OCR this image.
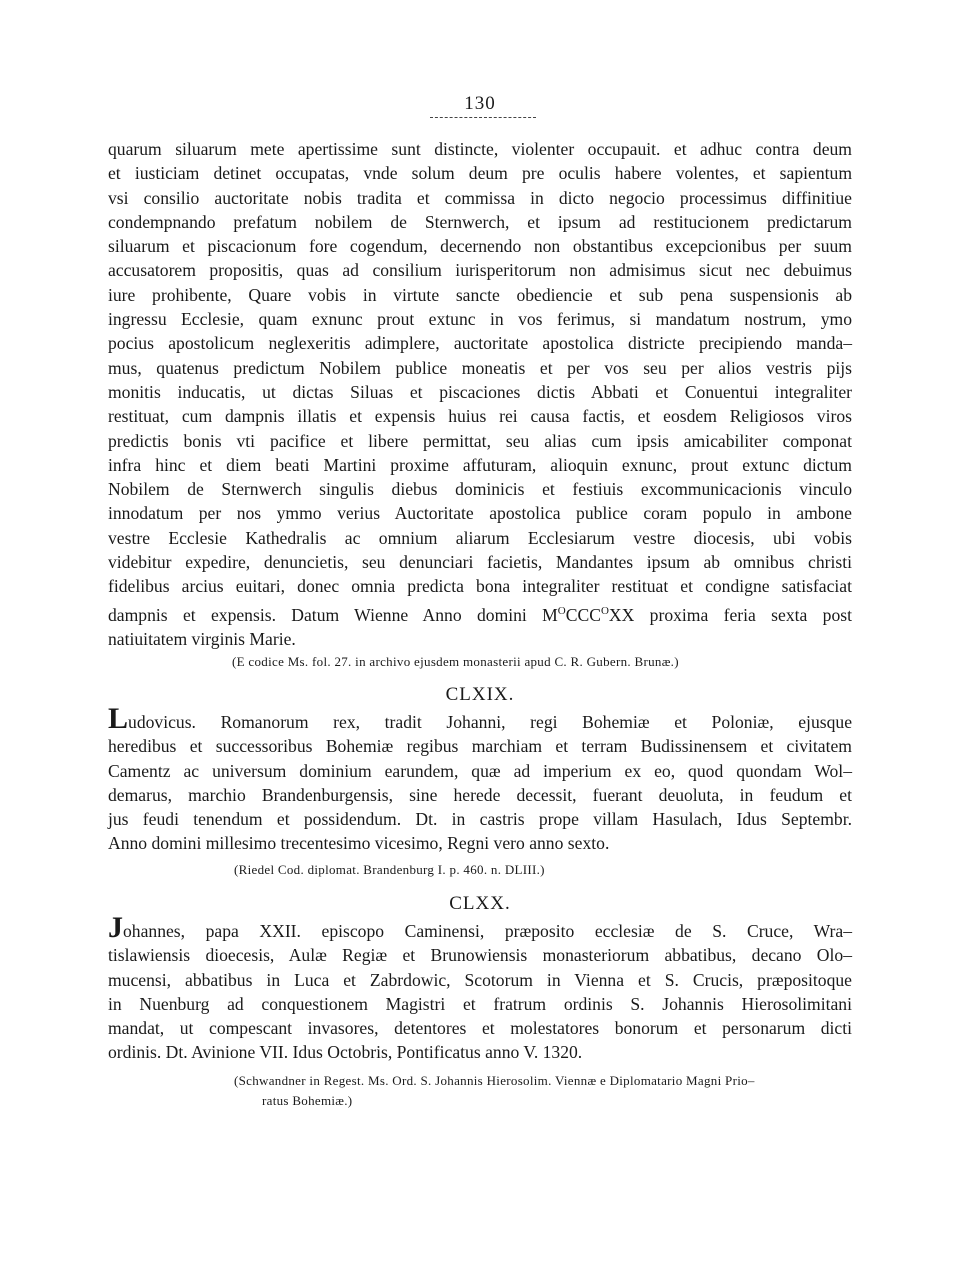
130
quarum siluarum mete apertissime sunt distincte, violenter occupauit. et adhuc contra deum
et iusticiam detinet occupatas, vnde solum deum pre oculis habere volentes, et sapientum
vsi consilio auctoritate nobis tradita et commissa in dicto negocio processimus diffinitiue
condempnando prefatum nobilem de Sternwerch, et ipsum ad restitucionem predictarum
siluarum et piscacionum fore cogendum, decernendo non obstantibus excepcionibus per suum
accusatorem propositis, quas ad consilium iurisperitorum non admisimus sicut nec debuimus
iure prohibente, Quare vobis in virtute sancte obediencie et sub pena suspensionis ab
ingressu Ecclesie, quam exnunc prout extunc in vos ferimus, si mandatum nostrum, ymo
pocius apostolicum neglexeritis adimplere, auctoritate apostolica districte precipiendo manda–
mus, quatenus predictum Nobilem publice moneatis et per vos seu per alios vestris pijs
monitis inducatis, ut dictas Siluas et piscaciones dictis Abbati et Conuentui integraliter
restituat, cum dampnis illatis et expensis huius rei causa factis, et eosdem Religiosos viros
predictis bonis vti pacifice et libere permittat, seu alias cum ipsis amicabiliter componat
infra hinc et diem beati Martini proxime affuturam, alioquin exnunc, prout extunc dictum
Nobilem de Sternwerch singulis diebus dominicis et festiuis excommunicacionis vinculo
innodatum per nos ymmo verius Auctoritate apostolica publice coram populo in ambone
vestre Ecclesie Kathedralis ac omnium aliarum Ecclesiarum vestre diocesis, ubi vobis
videbitur expedire, denuncietis, seu denunciari facietis, Mandantes ipsum ab omnibus christi
fidelibus arcius euitari, donec omnia predicta bona integraliter restituat et condigne satisfaciat
dampnis et expensis. Datum Wienne Anno domini $M^OCCC^OXX$ proxima feria sexta post
natiuitatem virginis Marie.
(E codice Ms. fol. 27. in archivo ejusdem monasterii apud C. R. Gubern. Brunæ.)
CLXIX.
Ludovicus. Romanorum rex, tradit Johanni, regi Bohemiæ et Poloniæ, ejusque
heredibus et successoribus Bohemiæ regibus marchiam et terram Budissinensem et civitatem
Camentz ac universum dominium earundem, quæ ad imperium ex eo, quod quondam Wol–
demarus, marchio Brandenburgensis, sine herede decessit, fuerant deuoluta, in feudum et
jus feudi tenendum et possidendum. Dt. in castris prope villam Hasulach, Idus Septembr.
Anno domini millesimo trecentesimo vicesimo, Regni vero anno sexto.
(Riedel Cod. diplomat. Brandenburg I. p. 460. n. DLIII.)
CLXX.
Johannes, papa XXII. episcopo Caminensi, præposito ecclesiæ de S. Cruce, Wra–
tislawiensis dioecesis, Aulæ Regiæ et Brunowiensis monasteriorum abbatibus, decano Olo–
mucensi, abbatibus in Luca et Zabrdowic, Scotorum in Vienna et S. Crucis, præpositoque
in Nuenburg ad conquestionem Magistri et fratrum ordinis S. Johannis Hierosolimitani
mandat, ut compescant invasores, detentores et molestatores bonorum et personarum dicti
ordinis. Dt. Avinione VII. Idus Octobris, Pontificatus anno V. 1320.
(Schwandner in Regest. Ms. Ord. S. Johannis Hierosolim. Viennæ e Diplomatario Magni Prio–
ratus Bohemiæ.)
